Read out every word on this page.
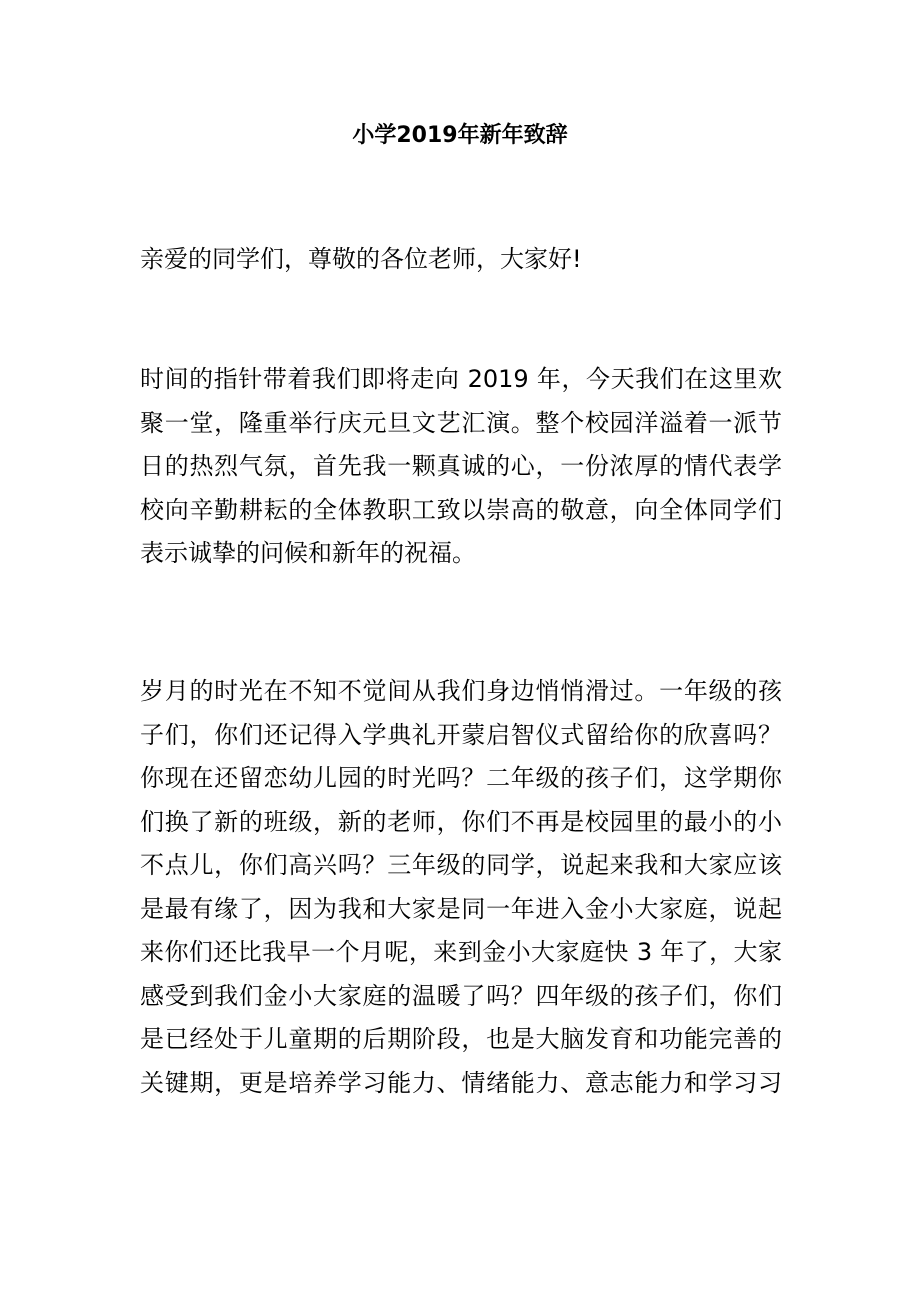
小学2019年新年致辞

亲爱的同学们，尊敬的各位老师，大家好!

时间的指针带着我们即将走向 2019 年，今天我们在这里欢
聚一堂，隆重举行庆元旦文艺汇演。整个校园洋溢着一派节
日的热烈气氛，首先我一颗真诚的心，一份浓厚的情代表学
校向辛勤耕耘的全体教职工致以崇高的敬意，向全体同学们
表示诚挚的问候和新年的祝福。

岁月的时光在不知不觉间从我们身边悄悄滑过。一年级的孩
子们，你们还记得入学典礼开蒙启智仪式留给你的欣喜吗？
你现在还留恋幼儿园的时光吗？二年级的孩子们，这学期你
们换了新的班级，新的老师，你们不再是校园里的最小的小
不点儿，你们高兴吗？三年级的同学，说起来我和大家应该
是最有缘了，因为我和大家是同一年进入金小大家庭，说起
来你们还比我早一个月呢，来到金小大家庭快 3 年了，大家
感受到我们金小大家庭的温暖了吗？四年级的孩子们，你们
是已经处于儿童期的后期阶段，也是大脑发育和功能完善的
关键期，更是培养学习能力、情绪能力、意志能力和学习习
